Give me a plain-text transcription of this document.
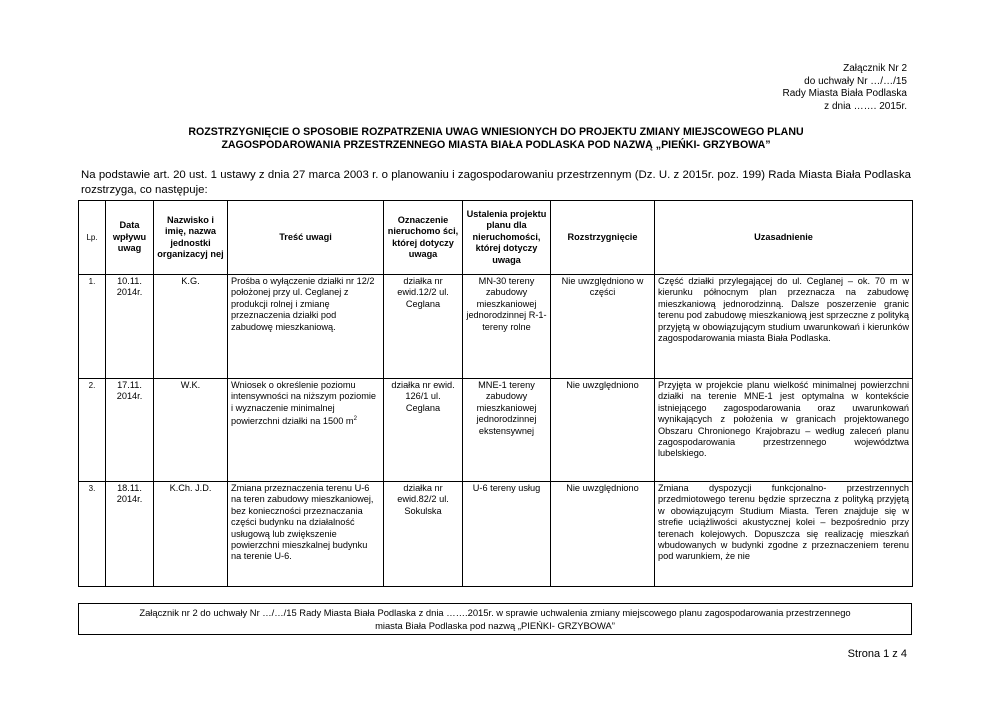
Załącznik Nr 2
do uchwały Nr …/…/15
Rady Miasta Biała Podlaska
z dnia ……. 2015r.
ROZSTRZYGNIĘCIE O SPOSOBIE ROZPATRZENIA UWAG WNIESIONYCH DO PROJEKTU ZMIANY MIEJSCOWEGO PLANU
ZAGOSPODAROWANIA PRZESTRZENNEGO MIASTA BIAŁA PODLASKA POD NAZWĄ „PIEŃKI- GRZYBOWA”
Na podstawie art. 20 ust. 1 ustawy z dnia 27 marca 2003 r. o planowaniu i zagospodarowaniu przestrzennym (Dz. U. z 2015r. poz. 199) Rada Miasta Biała Podlaska rozstrzyga, co następuje:
Lp.	Data wpływu uwag	Nazwisko i imię, nazwa jednostki organizacyj nej	Treść uwagi	Oznaczenie nieruchomo ści, której dotyczy uwaga	Ustalenia projektu planu dla nieruchomości, której dotyczy uwaga	Rozstrzygnięcie	Uzasadnienie
1.	10.11. 2014r.	K.G.	Prośba o wyłączenie działki nr 12/2 położonej przy ul. Ceglanej z produkcji rolnej i zmianę przeznaczenia działki pod zabudowę mieszkaniową.	działka nr ewid.12/2 ul. Ceglana	MN-30 tereny zabudowy mieszkaniowej jednorodzinnej R-1- tereny rolne	Nie uwzględniono w części	Część działki przylegającej do ul. Ceglanej – ok. 70 m w kierunku północnym plan przeznacza na zabudowę mieszkaniową jednorodzinną. Dalsze poszerzenie granic terenu pod zabudowę mieszkaniową jest sprzeczne z polityką przyjętą w obowiązującym studium uwarunkowań i kierunków zagospodarowania miasta Biała Podlaska.
2.	17.11. 2014r.	W.K.	Wniosek o określenie poziomu intensywności na niższym poziomie i wyznaczenie minimalnej powierzchni działki na 1500 $m^2$	działka nr ewid. 126/1 ul. Ceglana	MNE-1 tereny zabudowy mieszkaniowej jednorodzinnej ekstensywnej	Nie uwzględniono	Przyjęta w projekcie planu wielkość minimalnej powierzchni działki na terenie MNE-1 jest optymalna w kontekście istniejącego zagospodarowania oraz uwarunkowań wynikających z położenia w granicach projektowanego Obszaru Chronionego Krajobrazu – według zaleceń planu zagospodarowania przestrzennego województwa lubelskiego.
3.	18.11. 2014r.	K.Ch. J.D.	Zmiana przeznaczenia terenu U-6 na teren zabudowy mieszkaniowej, bez konieczności przeznaczania części budynku na działalność usługową lub zwiększenie powierzchni mieszkalnej budynku na terenie U-6.	działka nr ewid.82/2 ul. Sokulska	U-6 tereny usług	Nie uwzględniono	Zmiana dyspozycji funkcjonalno- przestrzennych przedmiotowego terenu będzie sprzeczna z polityką przyjętą w obowiązującym Studium Miasta. Teren znajduje się w strefie uciążliwości akustycznej kolei – bezpośrednio przy terenach kolejowych. Dopuszcza się realizację mieszkań wbudowanych w budynki zgodne z przeznaczeniem terenu pod warunkiem, że nie
Załącznik nr 2 do uchwały Nr …/…/15 Rady Miasta Biała Podlaska z dnia …….2015r. w sprawie uchwalenia zmiany miejscowego planu zagospodarowania przestrzennego
miasta Biała Podlaska pod nazwą „PIEŃKI- GRZYBOWA”
Strona 1 z 4
